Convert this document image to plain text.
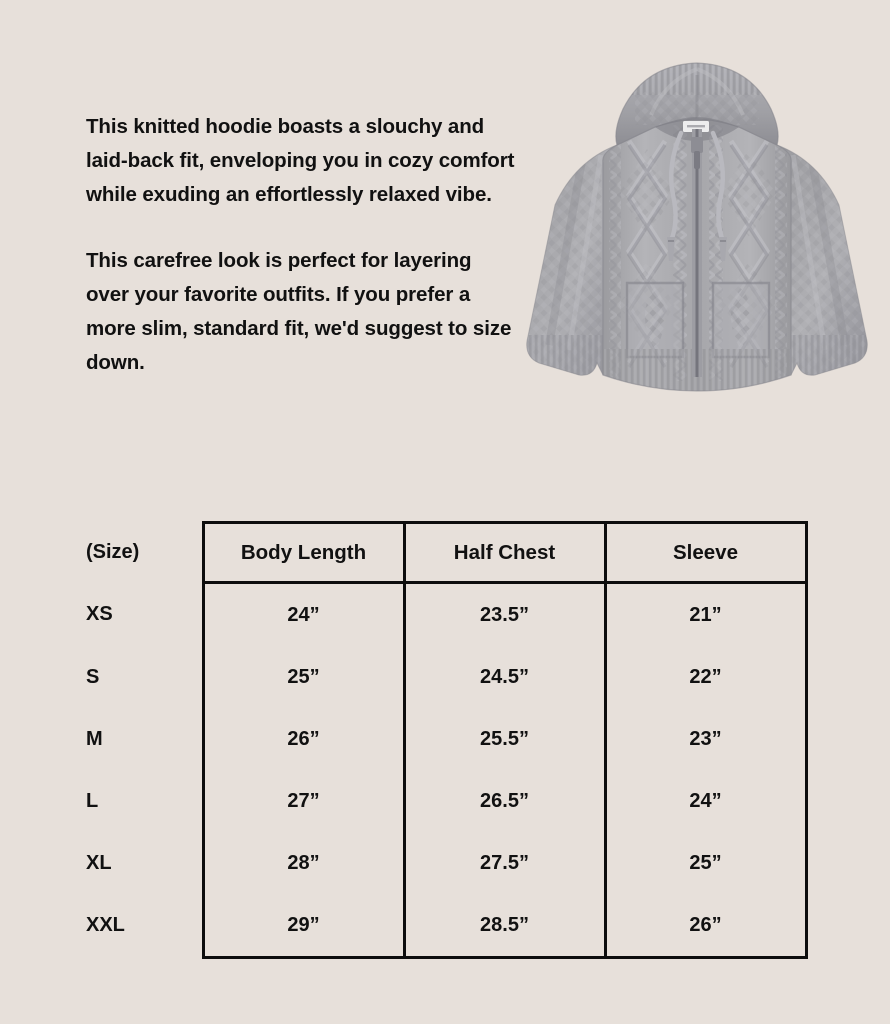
This knitted hoodie boasts a slouchy and laid-back fit, enveloping you in cozy comfort while exuding an effortlessly relaxed vibe.

This carefree look is perfect for layering over your favorite outfits. If you prefer a more slim, standard fit, we'd suggest to size down.

(Size)	Body Length	Half Chest	Sleeve
XS	24”	23.5”	21”
S	25”	24.5”	22”
M	26”	25.5”	23”
L	27”	26.5”	24”
XL	28”	27.5”	25”
XXL	29”	28.5”	26”
